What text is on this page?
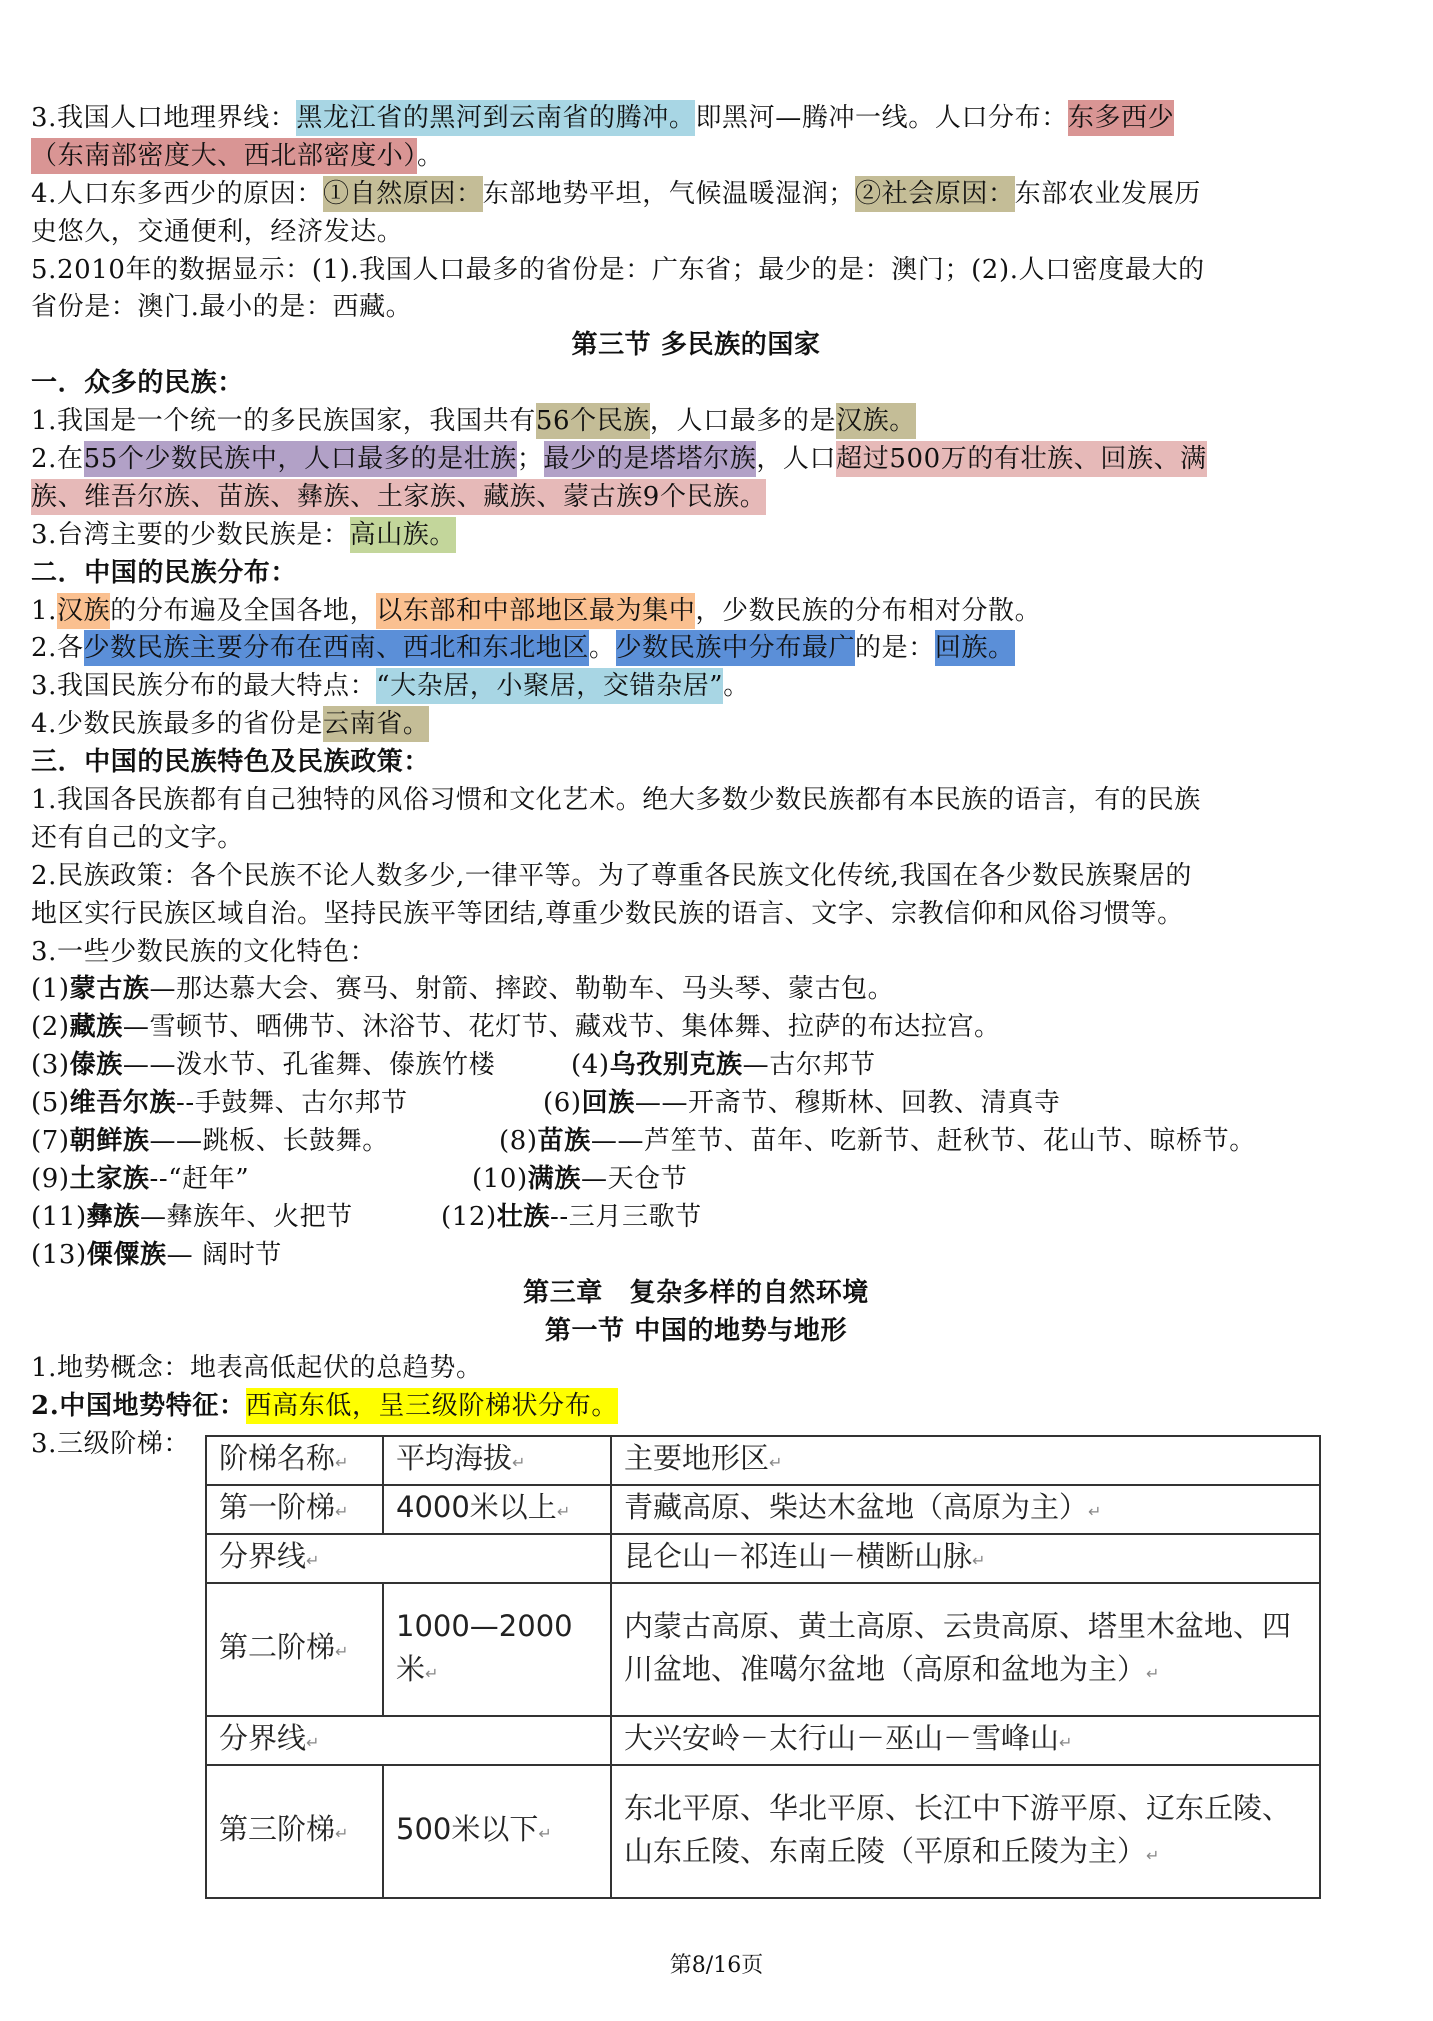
3.我国人口地理界线：黑龙江省的黑河到云南省的腾冲。即黑河—腾冲一线。人口分布：东多西少
（东南部密度大、西北部密度小）。
4.人口东多西少的原因：①自然原因：东部地势平坦，气候温暖湿润；②社会原因：东部农业发展历
史悠久，交通便利，经济发达。
5.2010年的数据显示：(1).我国人口最多的省份是：广东省；最少的是：澳门；(2).人口密度最大的
省份是：澳门.最小的是：西藏。
第三节 多民族的国家
一．众多的民族：
1.我国是一个统一的多民族国家，我国共有56个民族，人口最多的是汉族。
2.在55个少数民族中，人口最多的是壮族；最少的是塔塔尔族，人口超过500万的有壮族、回族、满
族、维吾尔族、苗族、彝族、土家族、藏族、蒙古族9个民族。
3.台湾主要的少数民族是：高山族。
二．中国的民族分布：
1.汉族的分布遍及全国各地，以东部和中部地区最为集中，少数民族的分布相对分散。
2.各少数民族主要分布在西南、西北和东北地区。少数民族中分布最广的是：回族。
3.我国民族分布的最大特点：“大杂居，小聚居，交错杂居”。
4.少数民族最多的省份是云南省。
三．中国的民族特色及民族政策：
1.我国各民族都有自己独特的风俗习惯和文化艺术。绝大多数少数民族都有本民族的语言，有的民族
还有自己的文字。
2.民族政策：各个民族不论人数多少,一律平等。为了尊重各民族文化传统,我国在各少数民族聚居的
地区实行民族区域自治。坚持民族平等团结,尊重少数民族的语言、文字、宗教信仰和风俗习惯等。
3.一些少数民族的文化特色：
(1)蒙古族—那达慕大会、赛马、射箭、摔跤、勒勒车、马头琴、蒙古包。
(2)藏族—雪顿节、晒佛节、沐浴节、花灯节、藏戏节、集体舞、拉萨的布达拉宫。
(3)傣族——泼水节、孔雀舞、傣族竹楼	(4)乌孜别克族—古尔邦节
(5)维吾尔族--手鼓舞、古尔邦节	(6)回族——开斋节、穆斯林、回教、清真寺
(7)朝鲜族——跳板、长鼓舞。	(8)苗族——芦笙节、苗年、吃新节、赶秋节、花山节、晾桥节。
(9)土家族--“赶年”	(10)满族—天仓节
(11)彝族—彝族年、火把节	(12)壮族--三月三歌节
(13)傈僳族— 阔时节
第三章　复杂多样的自然环境
第一节 中国的地势与地形
1.地势概念：地表高低起伏的总趋势。
2.中国地势特征：西高东低，呈三级阶梯状分布。
3.三级阶梯： 阶梯名称↵	平均海拔↵	主要地形区↵
第一阶梯↵	4000米以上↵	青藏高原、柴达木盆地（高原为主）↵
分界线↵		昆仑山－祁连山－横断山脉↵
第二阶梯↵	1000—2000米↵	内蒙古高原、黄土高原、云贵高原、塔里木盆地、四川盆地、准噶尔盆地（高原和盆地为主）↵
分界线↵		大兴安岭－太行山－巫山－雪峰山↵
第三阶梯↵	500米以下↵	东北平原、华北平原、长江中下游平原、辽东丘陵、山东丘陵、东南丘陵（平原和丘陵为主）↵
第8/16页
